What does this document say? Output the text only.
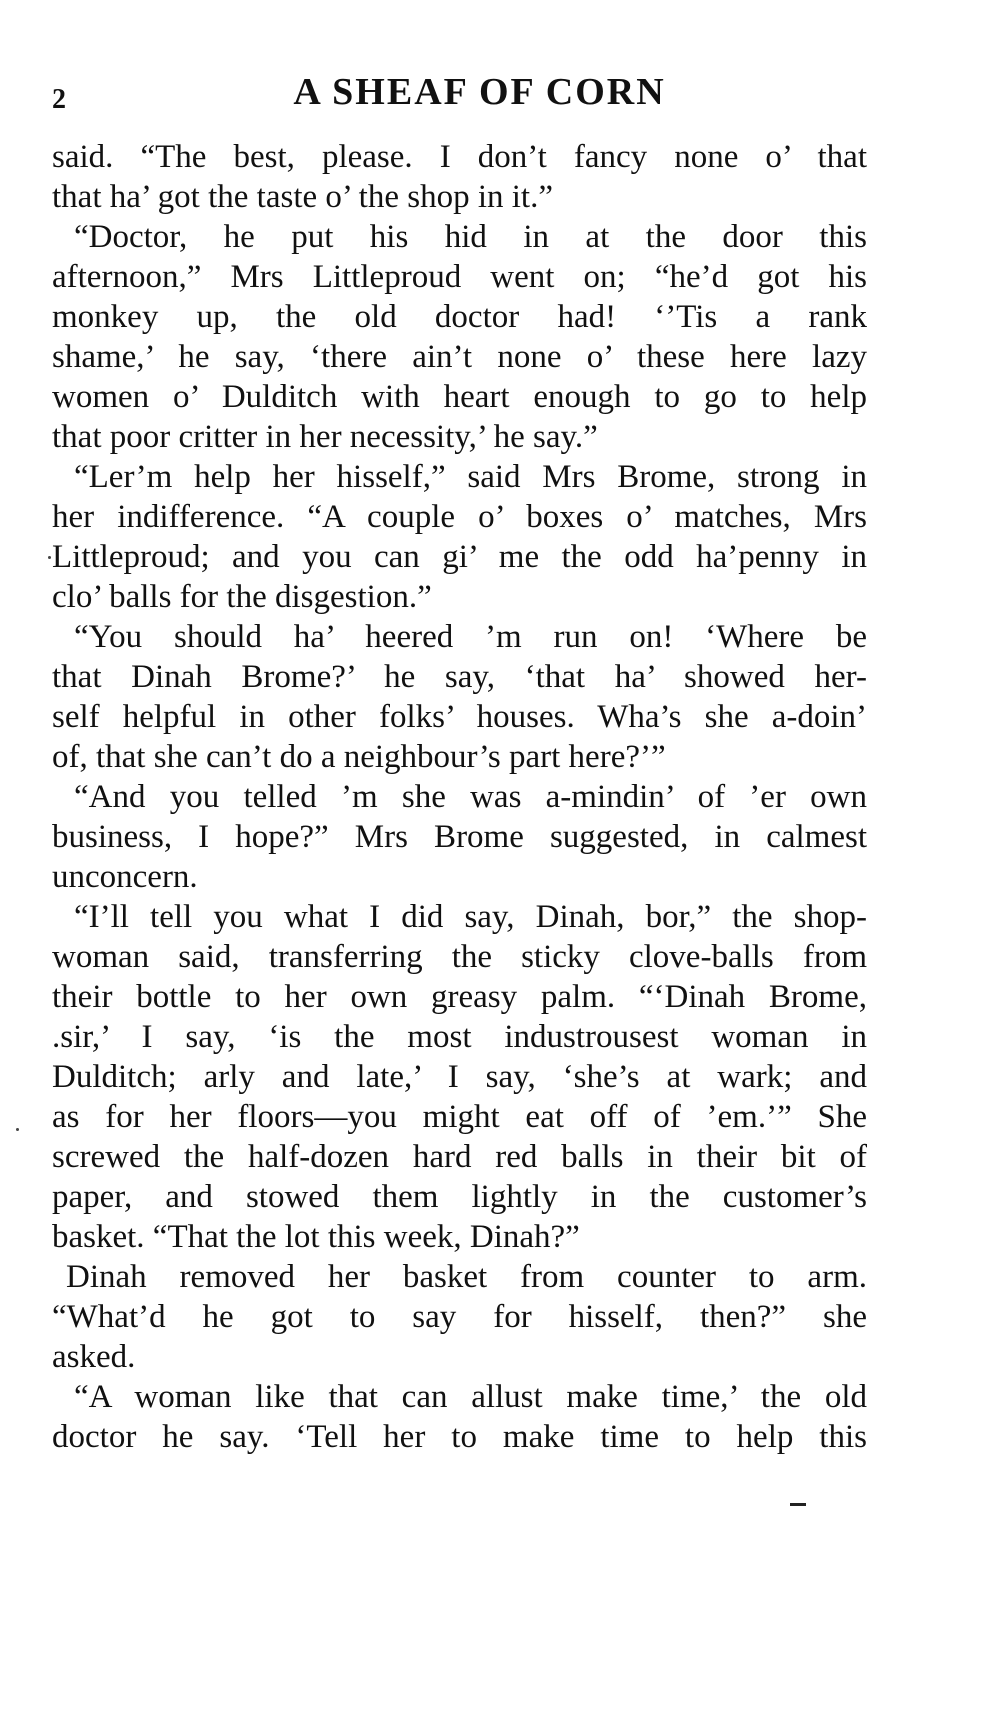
2	A SHEAF OF CORN
said. “The best, please. I don’t fancy none o’ that
that ha’ got the taste o’ the shop in it.”
“Doctor, he put his hid in at the door this
afternoon,” Mrs Littleproud went on; “he’d got his
monkey up, the old doctor had! ‘’Tis a rank
shame,’ he say, ‘there ain’t none o’ these here lazy
women o’ Dulditch with heart enough to go to help
that poor critter in her necessity,’ he say.”
“Ler’m help her hisself,” said Mrs Brome, strong in
her indifference. “A couple o’ boxes o’ matches, Mrs
Littleproud; and you can gi’ me the odd ha’penny in
clo’ balls for the disgestion.”
“You should ha’ heered ’m run on! ‘Where be
that Dinah Brome?’ he say, ‘that ha’ showed her-
self helpful in other folks’ houses. Wha’s she a-doin’
of, that she can’t do a neighbour’s part here?’”
“And you telled ’m she was a-mindin’ of ’er own
business, I hope?” Mrs Brome suggested, in calmest
unconcern.
“I’ll tell you what I did say, Dinah, bor,” the shop-
woman said, transferring the sticky clove-balls from
their bottle to her own greasy palm. “‘Dinah Brome,
.sir,’ I say, ‘is the most industrousest woman in
Dulditch; arly and late,’ I say, ‘she’s at wark; and
as for her floors—you might eat off of ’em.’” She
screwed the half-dozen hard red balls in their bit of
paper, and stowed them lightly in the customer’s
basket. “That the lot this week, Dinah?”
Dinah removed her basket from counter to arm.
“What’d he got to say for hisself, then?” she
asked.
“A woman like that can allust make time,’ the old
doctor he say. ‘Tell her to make time to help this
